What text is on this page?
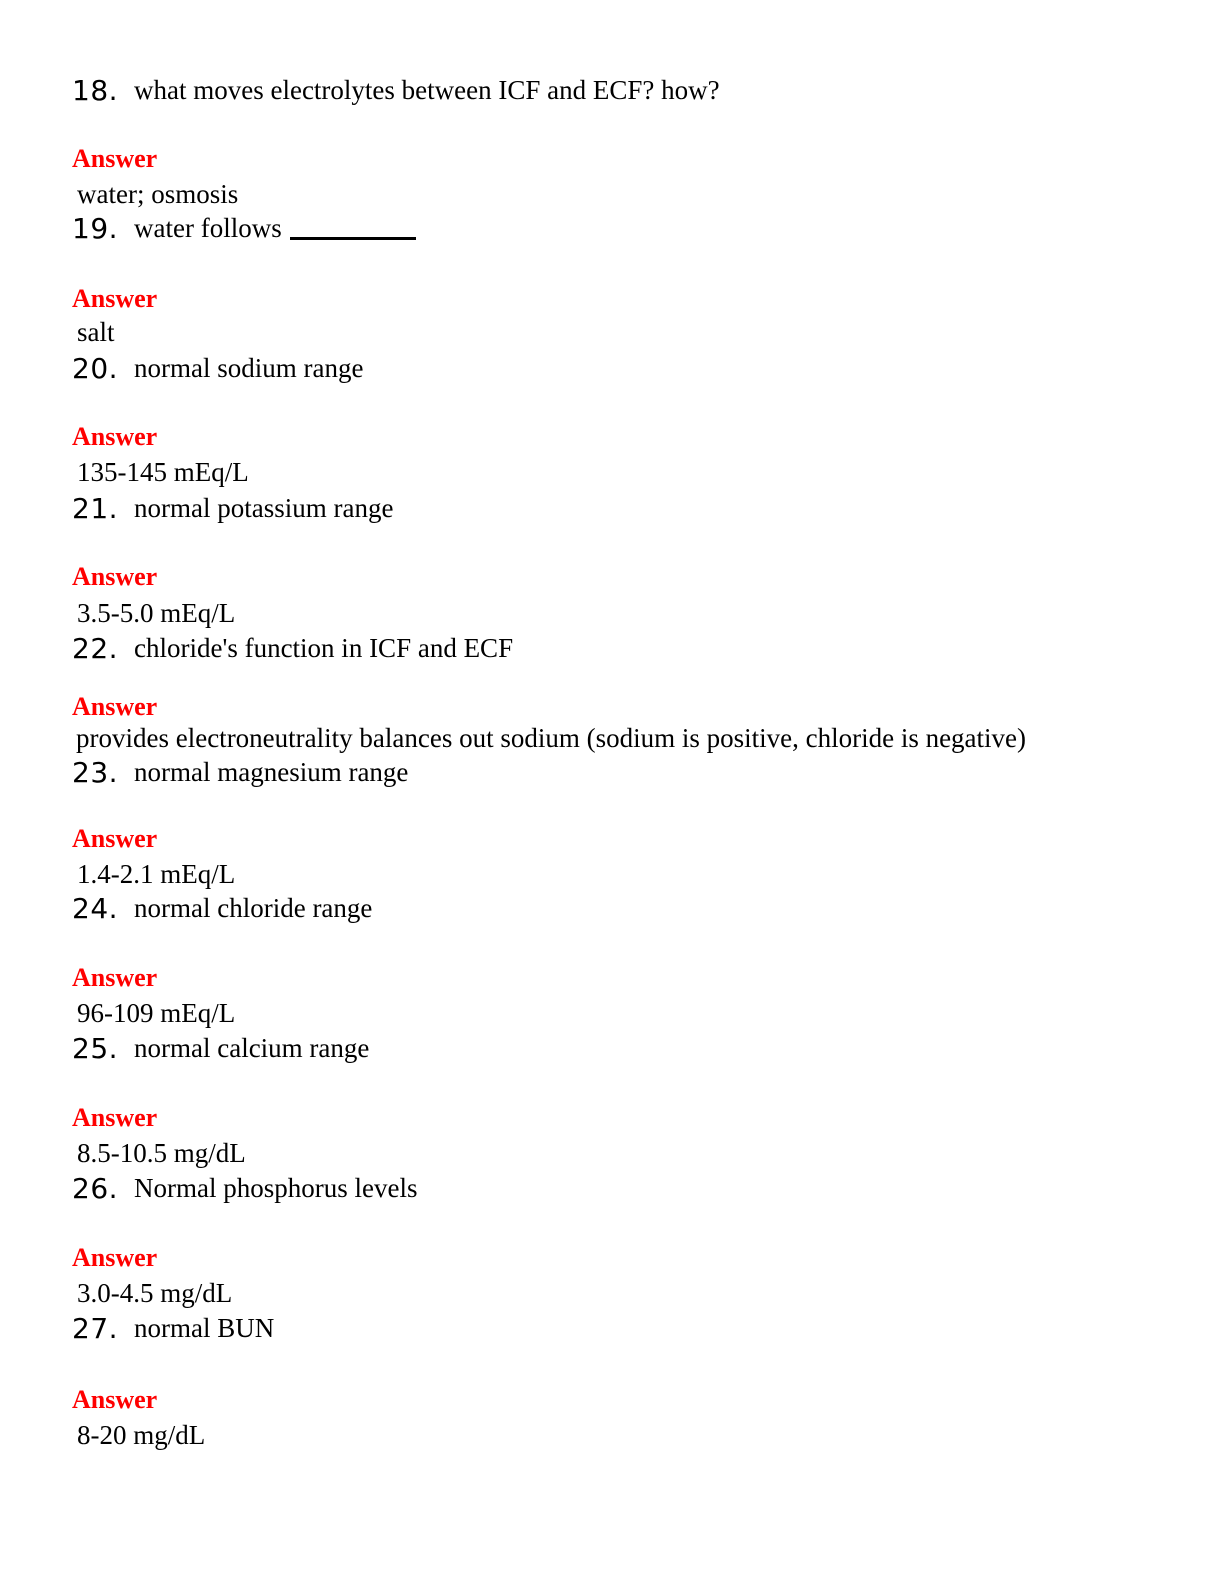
18. what moves electrolytes between ICF and ECF? how?
Answer
water; osmosis
19. water follows
Answer
salt
20. normal sodium range
Answer
135-145 mEq/L
21. normal potassium range
Answer
3.5-5.0 mEq/L
22. chloride's function in ICF and ECF
Answer
provides electroneutrality balances out sodium (sodium is positive, chloride is negative)
23. normal magnesium range
Answer
1.4-2.1 mEq/L
24. normal chloride range
Answer
96-109 mEq/L
25. normal calcium range
Answer
8.5-10.5 mg/dL
26. Normal phosphorus levels
Answer
3.0-4.5 mg/dL
27. normal BUN
Answer
8-20 mg/dL
